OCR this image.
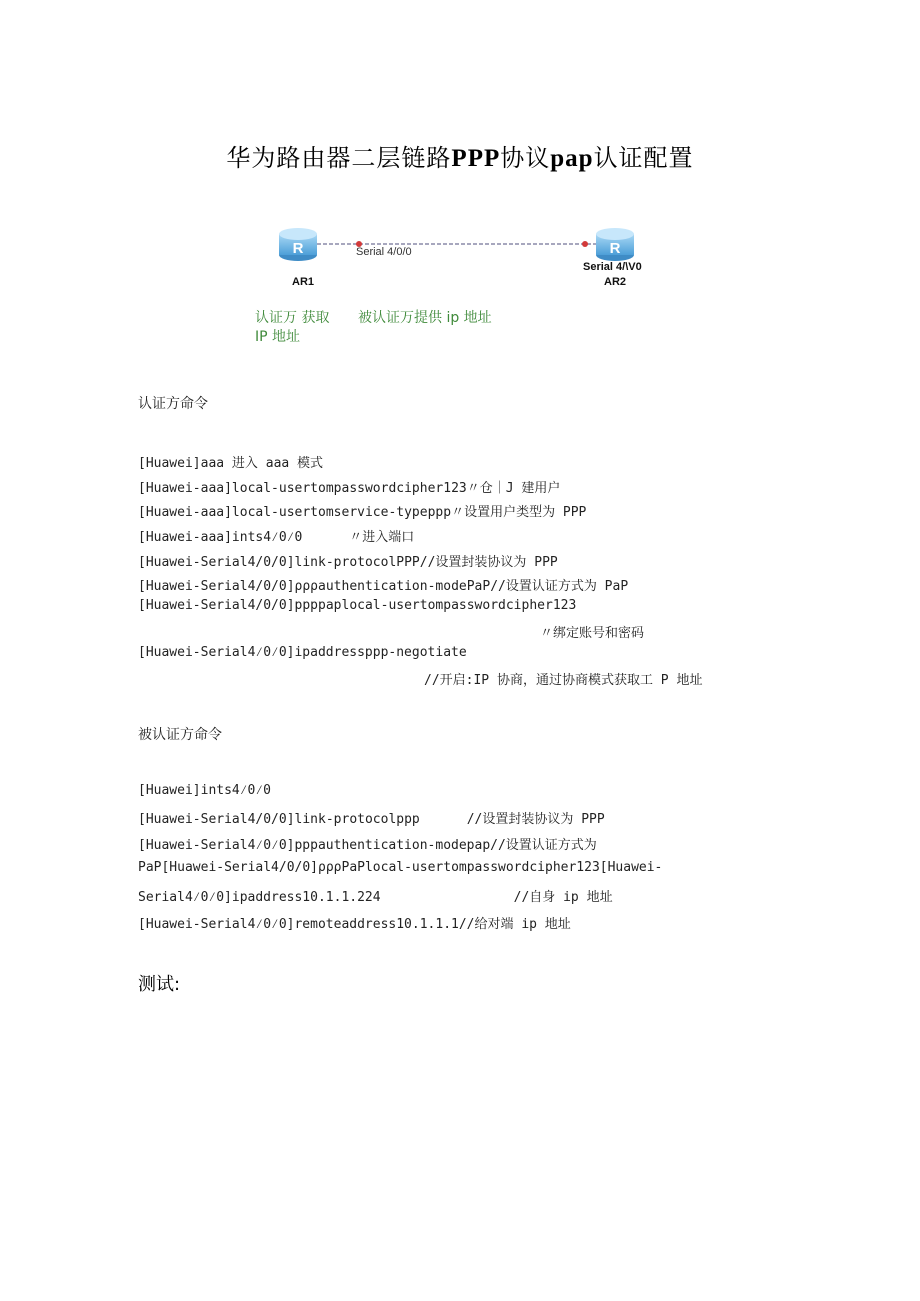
华为路由器二层链路PPP协议pap认证配置
R	R
Serial 4/0/0
Serial 4/\V0
AR1	AR2
认证万 获取
IP 地址
被认证万提供 ip 地址
认证方命令
[Huawei]aaa 进入 aaa 模式
[Huawei-aaa]local-usertompasswordcipher123〃仓｜J 建用户
[Huawei-aaa]local-usertomservice-typeppp〃设置用户类型为 PPP
[Huawei-aaa]ints4⁄0⁄0      〃进入端口
[Huawei-Serial4/0/0]link-protocolPPP//设置封装协议为 PPP
[Huawei-Serial4/0/0]ρρρauthentication-modePaP//设置认证方式为 PaP
[Huawei-Serial4/0/0]ppppaplocal-usertompasswordcipher123
〃绑定账号和密码
[Huawei-Serial4⁄0⁄0]ipaddressppp-negotiate
//开启:IP 协商，通过协商模式获取工 P 地址
被认证方命令
[Huawei]ints4⁄0⁄0
[Huawei-Serial4/0/0]link-protocolppp      //设置封装协议为 PPP
[Huawei-Serial4⁄0⁄0]pppauthentication-modepap//设置认证方式为
PaP[Huawei-Serial4/0/0]ρρρPaPlocal-usertompasswordcipher123[Huawei-
Serial4⁄0⁄0]ipaddress10.1.1.224                 //自身 ip 地址
[Huawei-Serial4⁄0⁄0]remoteaddress10.1.1.1//给对端 ip 地址
测试:
